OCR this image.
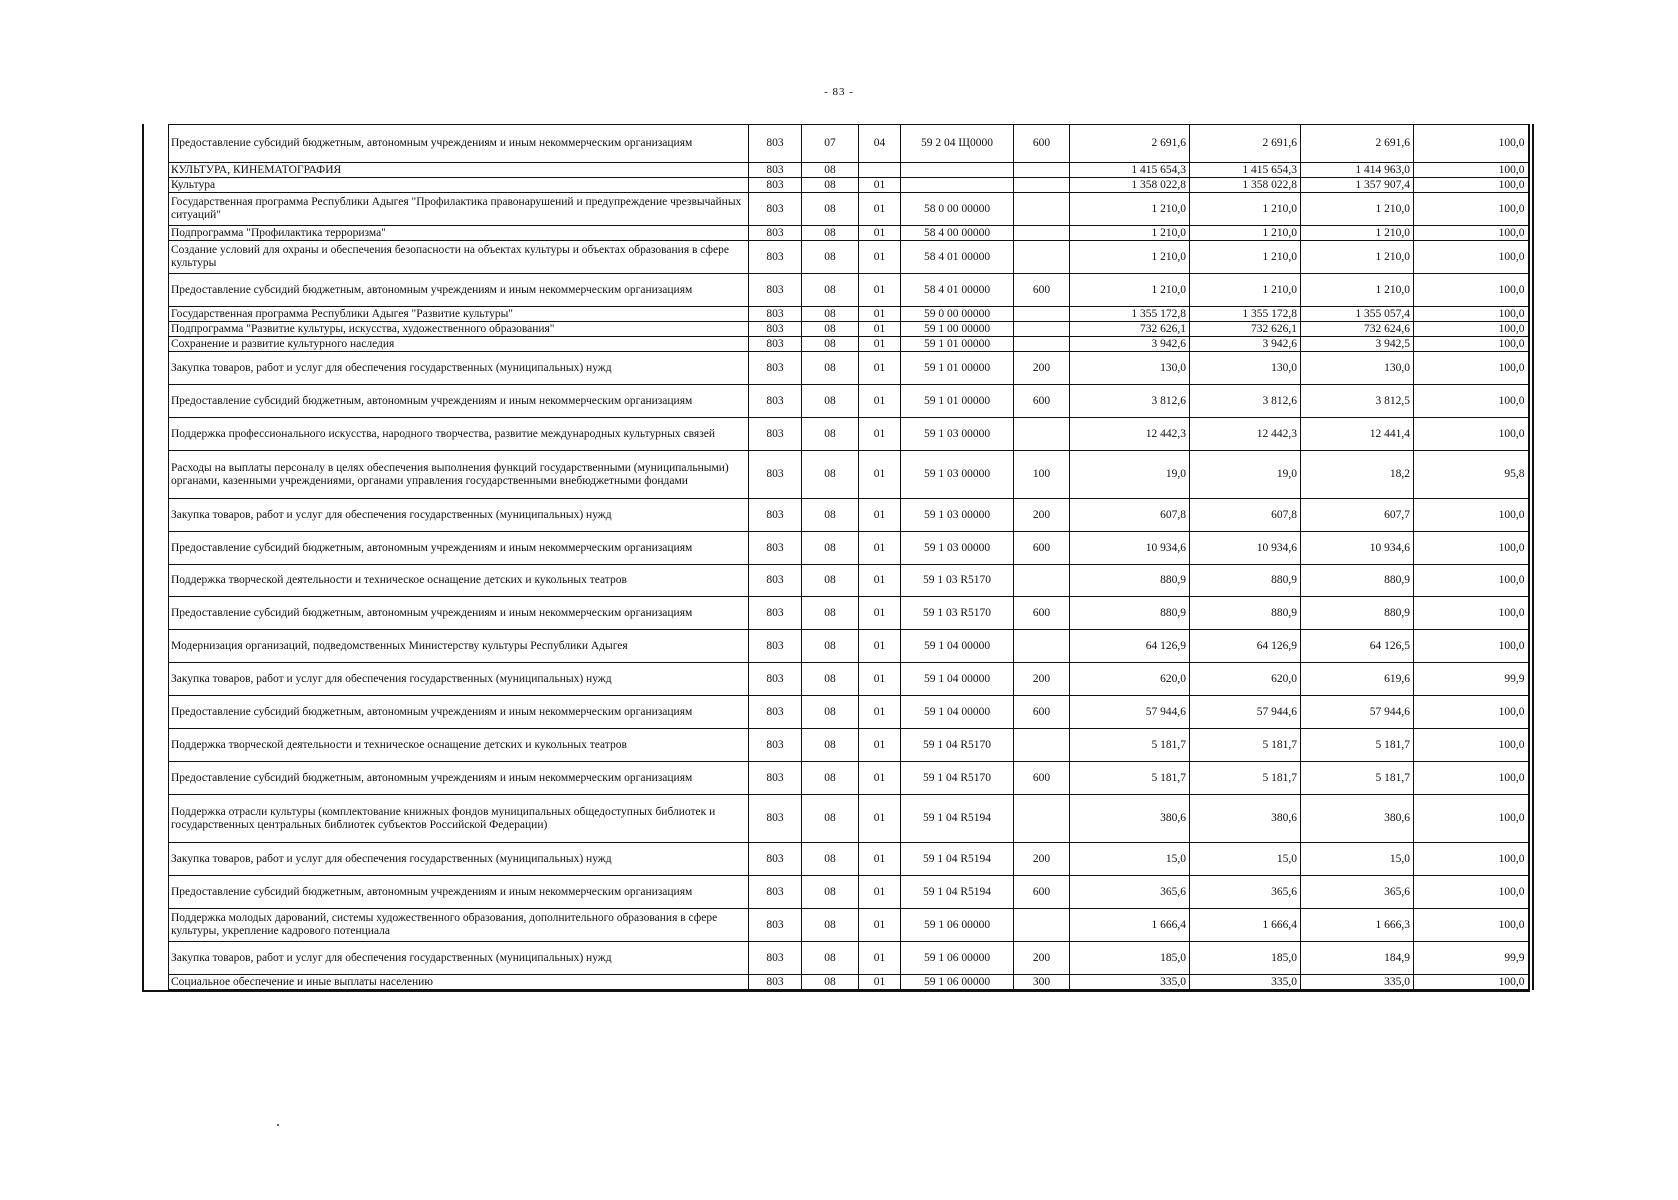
- 83 -
Предоставление субсидий бюджетным, автономным учреждениям и иным некоммерческим организациям	803	07	04	59 2 04 Щ0000	600	2 691,6	2 691,6	2 691,6	100,0
КУЛЬТУРА, КИНЕМАТОГРАФИЯ	803	08				1 415 654,3	1 415 654,3	1 414 963,0	100,0
Культура	803	08	01			1 358 022,8	1 358 022,8	1 357 907,4	100,0
Государственная программа Республики Адыгея "Профилактика правонарушений и предупреждение чрезвычайных ситуаций"	803	08	01	58 0 00 00000		1 210,0	1 210,0	1 210,0	100,0
Подпрограмма "Профилактика терроризма"	803	08	01	58 4 00 00000		1 210,0	1 210,0	1 210,0	100,0
Создание условий для охраны и обеспечения безопасности на объектах культуры и объектах образования в сфере культуры	803	08	01	58 4 01 00000		1 210,0	1 210,0	1 210,0	100,0
Предоставление субсидий бюджетным, автономным учреждениям и иным некоммерческим организациям	803	08	01	58 4 01 00000	600	1 210,0	1 210,0	1 210,0	100,0
Государственная программа Республики Адыгея "Развитие культуры"	803	08	01	59 0 00 00000		1 355 172,8	1 355 172,8	1 355 057,4	100,0
Подпрограмма "Развитие культуры, искусства, художественного образования"	803	08	01	59 1 00 00000		732 626,1	732 626,1	732 624,6	100,0
Сохранение и развитие культурного наследия	803	08	01	59 1 01 00000		3 942,6	3 942,6	3 942,5	100,0
Закупка товаров, работ и услуг для обеспечения государственных (муниципальных) нужд	803	08	01	59 1 01 00000	200	130,0	130,0	130,0	100,0
Предоставление субсидий бюджетным, автономным учреждениям и иным некоммерческим организациям	803	08	01	59 1 01 00000	600	3 812,6	3 812,6	3 812,5	100,0
Поддержка профессионального искусства, народного творчества, развитие международных культурных связей	803	08	01	59 1 03 00000		12 442,3	12 442,3	12 441,4	100,0
Расходы на выплаты персоналу в целях обеспечения выполнения функций государственными (муниципальными) органами, казенными учреждениями, органами управления государственными внебюджетными фондами	803	08	01	59 1 03 00000	100	19,0	19,0	18,2	95,8
Закупка товаров, работ и услуг для обеспечения государственных (муниципальных) нужд	803	08	01	59 1 03 00000	200	607,8	607,8	607,7	100,0
Предоставление субсидий бюджетным, автономным учреждениям и иным некоммерческим организациям	803	08	01	59 1 03 00000	600	10 934,6	10 934,6	10 934,6	100,0
Поддержка творческой деятельности и техническое оснащение детских и кукольных театров	803	08	01	59 1 03 R5170		880,9	880,9	880,9	100,0
Предоставление субсидий бюджетным, автономным учреждениям и иным некоммерческим организациям	803	08	01	59 1 03 R5170	600	880,9	880,9	880,9	100,0
Модернизация организаций, подведомственных Министерству культуры Республики Адыгея	803	08	01	59 1 04 00000		64 126,9	64 126,9	64 126,5	100,0
Закупка товаров, работ и услуг для обеспечения государственных (муниципальных) нужд	803	08	01	59 1 04 00000	200	620,0	620,0	619,6	99,9
Предоставление субсидий бюджетным, автономным учреждениям и иным некоммерческим организациям	803	08	01	59 1 04 00000	600	57 944,6	57 944,6	57 944,6	100,0
Поддержка творческой деятельности и техническое оснащение детских и кукольных театров	803	08	01	59 1 04 R5170		5 181,7	5 181,7	5 181,7	100,0
Предоставление субсидий бюджетным, автономным учреждениям и иным некоммерческим организациям	803	08	01	59 1 04 R5170	600	5 181,7	5 181,7	5 181,7	100,0
Поддержка отрасли культуры (комплектование книжных фондов муниципальных общедоступных библиотек и государственных центральных библиотек субъектов Российской Федерации)	803	08	01	59 1 04 R5194		380,6	380,6	380,6	100,0
Закупка товаров, работ и услуг для обеспечения государственных (муниципальных) нужд	803	08	01	59 1 04 R5194	200	15,0	15,0	15,0	100,0
Предоставление субсидий бюджетным, автономным учреждениям и иным некоммерческим организациям	803	08	01	59 1 04 R5194	600	365,6	365,6	365,6	100,0
Поддержка молодых дарований, системы художественного образования, дополнительного образования в сфере культуры, укрепление кадрового потенциала	803	08	01	59 1 06 00000		1 666,4	1 666,4	1 666,3	100,0
Закупка товаров, работ и услуг для обеспечения государственных (муниципальных) нужд	803	08	01	59 1 06 00000	200	185,0	185,0	184,9	99,9
Социальное обеспечение и иные выплаты населению	803	08	01	59 1 06 00000	300	335,0	335,0	335,0	100,0
